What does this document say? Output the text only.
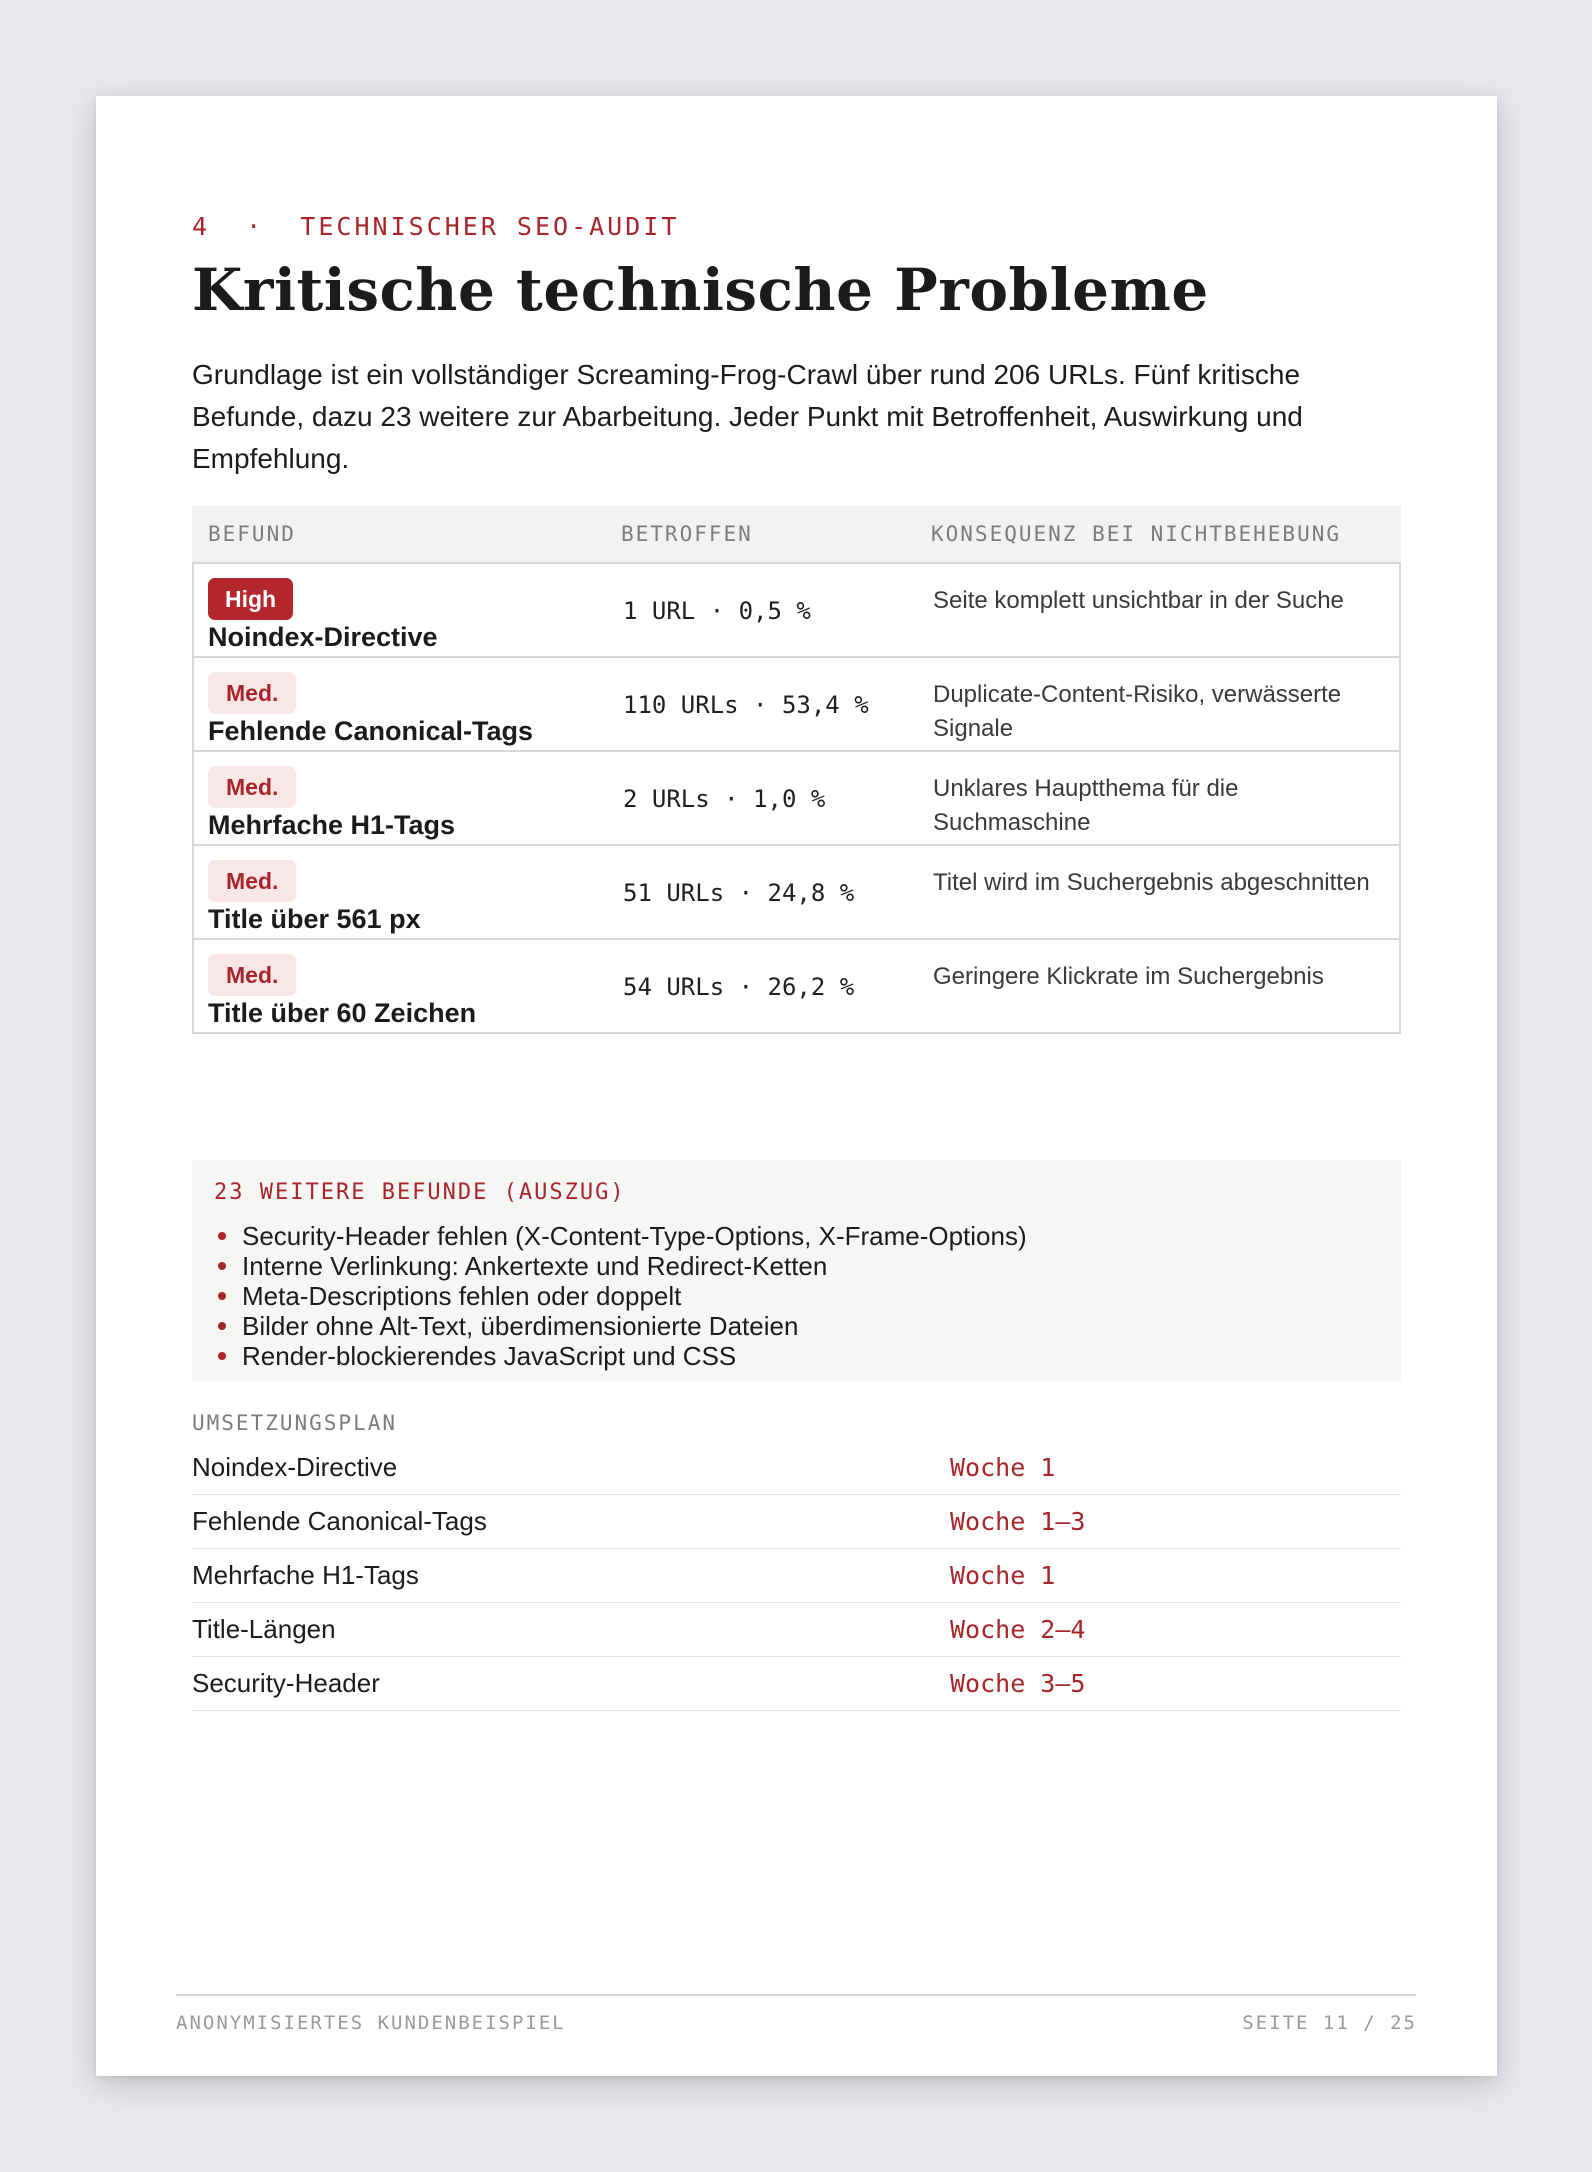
4  ·  TECHNISCHER SEO-AUDIT
Kritische technische Probleme

Grundlage ist ein vollständiger Screaming-Frog-Crawl über rund 206 URLs. Fünf kritische Befunde, dazu 23 weitere zur Abarbeitung. Jeder Punkt mit Betroffenheit, Auswirkung und Empfehlung.

BEFUND	BETROFFEN	KONSEQUENZ BEI NICHTBEHEBUNG
High
Noindex-Directive
1 URL · 0,5 %	Seite komplett unsichtbar in der Suche
Med.
Fehlende Canonical-Tags
110 URLs · 53,4 %	Duplicate-Content-Risiko, verwässerte Signale
Med.
Mehrfache H1-Tags
2 URLs · 1,0 %	Unklares Hauptthema für die Suchmaschine
Med.
Title über 561 px
51 URLs · 24,8 %	Titel wird im Suchergebnis abgeschnitten
Med.
Title über 60 Zeichen
54 URLs · 26,2 %	Geringere Klickrate im Suchergebnis
23 WEITERE BEFUNDE (AUSZUG)
Security-Header fehlen (X-Content-Type-Options, X-Frame-Options)
Interne Verlinkung: Ankertexte und Redirect-Ketten
Meta-Descriptions fehlen oder doppelt
Bilder ohne Alt-Text, überdimensionierte Dateien
Render-blockierendes JavaScript und CSS
UMSETZUNGSPLAN
Noindex-Directive	Woche 1
Fehlende Canonical-Tags	Woche 1–3
Mehrfache H1-Tags	Woche 1
Title-Längen	Woche 2–4
Security-Header	Woche 3–5
ANONYMISIERTES KUNDENBEISPIEL	SEITE 11 / 25
